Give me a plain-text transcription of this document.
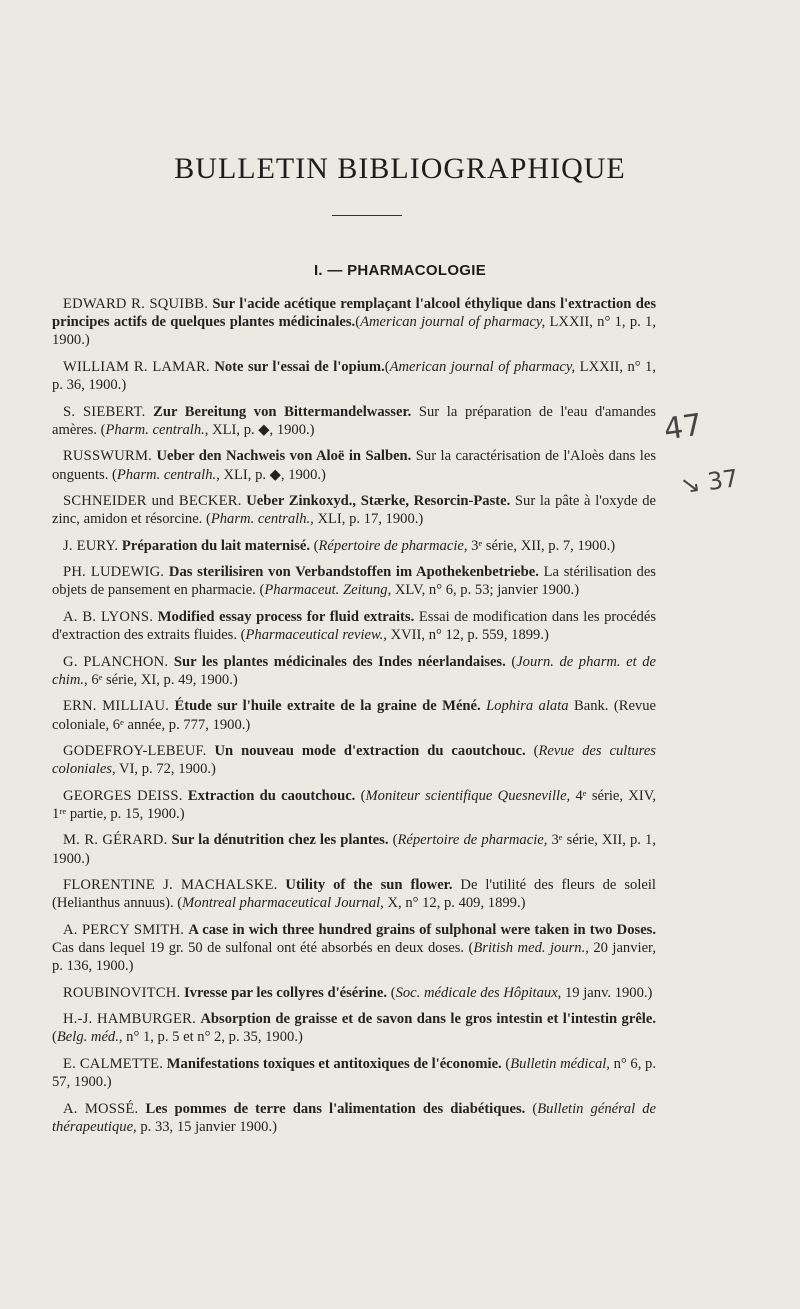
BULLETIN BIBLIOGRAPHIQUE
I. — PHARMACOLOGIE
47
↘ 37

EDWARD R. SQUIBB. Sur l'acide acétique remplaçant l'alcool éthylique dans l'extraction des principes actifs de quelques plantes médicinales.(American journal of pharmacy, LXXII, n° 1, p. 1, 1900.)

WILLIAM R. LAMAR. Note sur l'essai de l'opium.(American journal of pharmacy, LXXII, n° 1, p. 36, 1900.)

S. SIEBERT. Zur Bereitung von Bittermandelwasser. Sur la préparation de l'eau d'amandes amères. (Pharm. centralh., XLI, p. ◆, 1900.)

RUSSWURM. Ueber den Nachweis von Aloë in Salben. Sur la caractérisation de l'Aloès dans les onguents. (Pharm. centralh., XLI, p. ◆, 1900.)

SCHNEIDER und BECKER. Ueber Zinkoxyd., Stærke, Resorcin-Paste. Sur la pâte à l'oxyde de zinc, amidon et résorcine. (Pharm. centralh., XLI, p. 17, 1900.)

J. EURY. Préparation du lait maternisé. (Répertoire de pharmacie, 3ᵉ série, XII, p. 7, 1900.)

PH. LUDEWIG. Das sterilisiren von Verbandstoffen im Apothekenbetriebe. La stérilisation des objets de pansement en pharmacie. (Pharmaceut. Zeitung, XLV, n° 6, p. 53; janvier 1900.)

A. B. LYONS. Modified essay process for fluid extraits. Essai de modification dans les procédés d'extraction des extraits fluides. (Pharmaceutical review., XVII, n° 12, p. 559, 1899.)

G. PLANCHON. Sur les plantes médicinales des Indes néerlandaises. (Journ. de pharm. et de chim., 6ᵉ série, XI, p. 49, 1900.)

ERN. MILLIAU. Étude sur l'huile extraite de la graine de Méné. Lophira alata Bank. (Revue coloniale, 6ᵉ année, p. 777, 1900.)

GODEFROY-LEBEUF. Un nouveau mode d'extraction du caoutchouc. (Revue des cultures coloniales, VI, p. 72, 1900.)

GEORGES DEISS. Extraction du caoutchouc. (Moniteur scientifique Quesneville, 4ᵉ série, XIV, 1ʳᵉ partie, p. 15, 1900.)

M. R. GÉRARD. Sur la dénutrition chez les plantes. (Répertoire de pharmacie, 3ᵉ série, XII, p. 1, 1900.)

FLORENTINE J. MACHALSKE. Utility of the sun flower. De l'utilité des fleurs de soleil (Helianthus annuus). (Montreal pharmaceutical Journal, X, n° 12, p. 409, 1899.)

A. PERCY SMITH. A case in wich three hundred grains of sulphonal were taken in two Doses. Cas dans lequel 19 gr. 50 de sulfonal ont été absorbés en deux doses. (British med. journ., 20 janvier, p. 136, 1900.)

ROUBINOVITCH. Ivresse par les collyres d'ésérine. (Soc. médicale des Hôpitaux, 19 janv. 1900.)

H.-J. HAMBURGER. Absorption de graisse et de savon dans le gros intestin et l'intestin grêle. (Belg. méd., n° 1, p. 5 et n° 2, p. 35, 1900.)

E. CALMETTE. Manifestations toxiques et antitoxiques de l'économie. (Bulletin médical, n° 6, p. 57, 1900.)

A. MOSSÉ. Les pommes de terre dans l'alimentation des diabétiques. (Bulletin général de thérapeutique, p. 33, 15 janvier 1900.)
